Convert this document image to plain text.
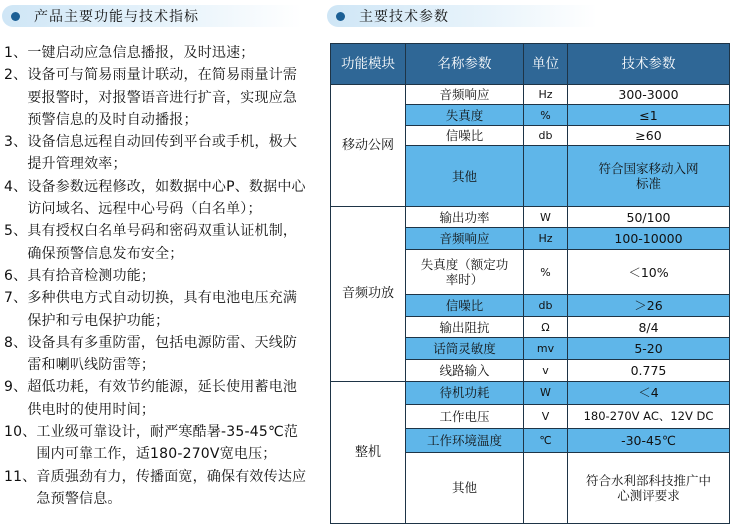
产品主要功能与技术指标	主要技术参数
1、 一键启动应急信息播报，及时迅速；
2、 设备可与简易雨量计联动，在简易雨量计需要报警时，对报警语音进行扩音，实现应急预警信息的及时自动播报；
3、 设备信息远程自动回传到平台或手机，极大提升管理效率；
4、 设备参数远程修改，如数据中心P、数据中心访问域名、远程中心号码（白名单）；
5、 具有授权白名单号码和密码双重认证机制，确保预警信息发布安全；
6、 具有拾音检测功能；
7、 多种供电方式自动切换，具有电池电压充满保护和亏电保护功能；
8、 设备具有多重防雷，包括电源防雷、天线防雷和喇叭线防雷等；
9、 超低功耗，有效节约能源，延长使用蓄电池供电时的使用时间；
10、 工业级可靠设计，耐严寒酷暑-35-45℃范围内可靠工作，适180-270V宽电压；
11、 音质强劲有力，传播面宽，确保有效传达应急预警信息。
功能模块	名称参数	单位	技术参数
移动公网	音频响应	Hz	300-3000
	失真度	%	≤1
	信噪比	db	≥60
	其他		符合国家移动入网标准
音频功放	输出功率	W	50/100
	音频响应	Hz	100-10000
	失真度（额定功率时）	%	＜10%
	信噪比	db	＞26
	输出阻抗	Ω	8/4
	话筒灵敏度	mv	5-20
	线路输入	v	0.775
整机	待机功耗	W	＜4
	工作电压	V	180-270V AC、12V DC
	工作环境温度	℃	-30-45℃
	其他		符合水利部科技推广中心测评要求
